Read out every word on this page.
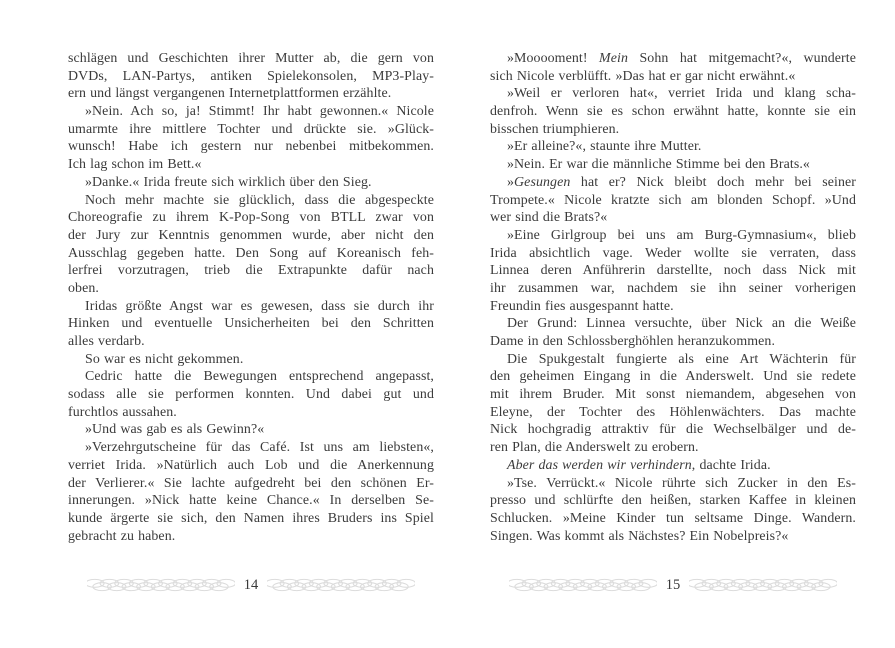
schlägen und Geschichten ihrer Mutter ab, die gern von
DVDs, LAN-Partys, antiken Spielekonsolen, MP3-Play-
ern und längst vergangenen Internetplattformen erzählte.
»Nein. Ach so, ja! Stimmt! Ihr habt gewonnen.« Nicole
umarmte ihre mittlere Tochter und drückte sie. »Glück-
wunsch! Habe ich gestern nur nebenbei mitbekommen.
Ich lag schon im Bett.«
»Danke.« Irida freute sich wirklich über den Sieg.
Noch mehr machte sie glücklich, dass die abgespeckte
Choreografie zu ihrem K-Pop-Song von BTLL zwar von
der Jury zur Kenntnis genommen wurde, aber nicht den
Ausschlag gegeben hatte. Den Song auf Koreanisch feh-
lerfrei vorzutragen, trieb die Extrapunkte dafür nach
oben.
Iridas größte Angst war es gewesen, dass sie durch ihr
Hinken und eventuelle Unsicherheiten bei den Schritten
alles verdarb.
So war es nicht gekommen.
Cedric hatte die Bewegungen entsprechend angepasst,
sodass alle sie performen konnten. Und dabei gut und
furchtlos aussahen.
»Und was gab es als Gewinn?«
»Verzehrgutscheine für das Café. Ist uns am liebsten«,
verriet Irida. »Natürlich auch Lob und die Anerkennung
der Verlierer.« Sie lachte aufgedreht bei den schönen Er-
innerungen. »Nick hatte keine Chance.« In derselben Se-
kunde ärgerte sie sich, den Namen ihres Bruders ins Spiel
gebracht zu haben.
14
»Mooooment! Mein Sohn hat mitgemacht?«, wunderte
sich Nicole verblüfft. »Das hat er gar nicht erwähnt.«
»Weil er verloren hat«, verriet Irida und klang scha-
denfroh. Wenn sie es schon erwähnt hatte, konnte sie ein
bisschen triumphieren.
»Er alleine?«, staunte ihre Mutter.
»Nein. Er war die männliche Stimme bei den Brats.«
»Gesungen hat er? Nick bleibt doch mehr bei seiner
Trompete.« Nicole kratzte sich am blonden Schopf. »Und
wer sind die Brats?«
»Eine Girlgroup bei uns am Burg-Gymnasium«, blieb
Irida absichtlich vage. Weder wollte sie verraten, dass
Linnea deren Anführerin darstellte, noch dass Nick mit
ihr zusammen war, nachdem sie ihn seiner vorherigen
Freundin fies ausgespannt hatte.
Der Grund: Linnea versuchte, über Nick an die Weiße
Dame in den Schlossberghöhlen heranzukommen.
Die Spukgestalt fungierte als eine Art Wächterin für
den geheimen Eingang in die Anderswelt. Und sie redete
mit ihrem Bruder. Mit sonst niemandem, abgesehen von
Eleyne, der Tochter des Höhlenwächters. Das machte
Nick hochgradig attraktiv für die Wechselbälger und de-
ren Plan, die Anderswelt zu erobern.
Aber das werden wir verhindern, dachte Irida.
»Tse. Verrückt.« Nicole rührte sich Zucker in den Es-
presso und schlürfte den heißen, starken Kaffee in kleinen
Schlucken. »Meine Kinder tun seltsame Dinge. Wandern.
Singen. Was kommt als Nächstes? Ein Nobelpreis?«
15
